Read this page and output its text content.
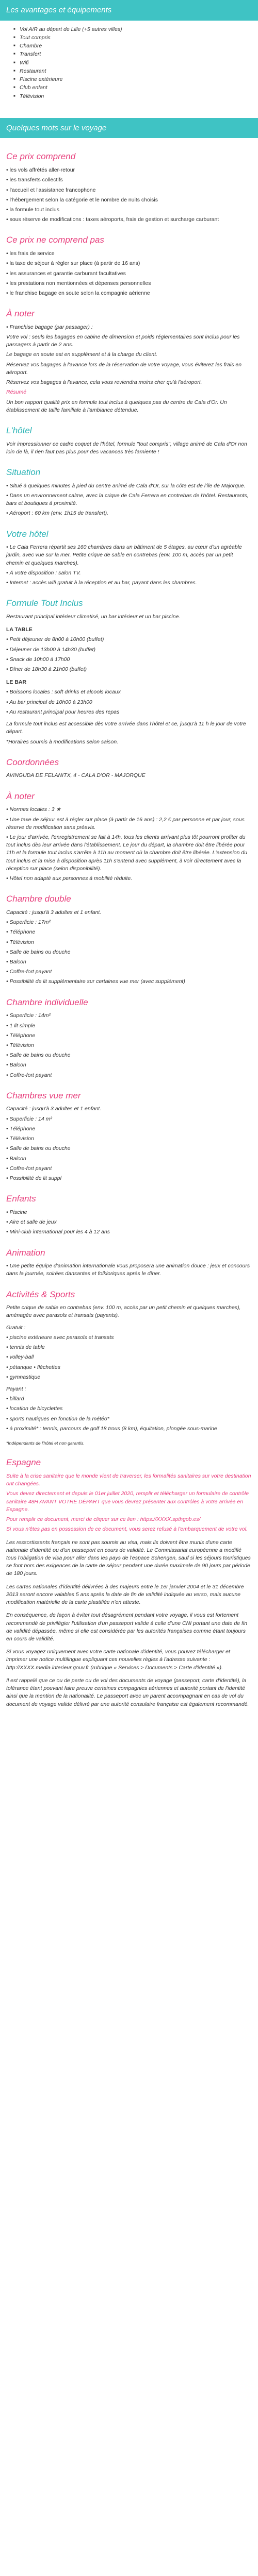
Les avantages et équipements
■ Vol A/R au départ de Lille (+5 autres villes)
■ Tout compris
■ Chambre
■ Transfert
■ Wifi
■ Restaurant
■ Piscine extérieure
■ Club enfant
■ Télévision
Quelques mots sur le voyage
Ce prix comprend

• les vols affrétés aller-retour

• les transferts collectifs

• l'accueil et l'assistance francophone

• l'hébergement selon la catégorie et le nombre de nuits choisis

• la formule tout inclus

• sous réserve de modifications : taxes aéroports, frais de gestion et surcharge carburant

Ce prix ne comprend pas

• les frais de service

• la taxe de séjour à régler sur place (à partir de 16 ans)

• les assurances et garantie carburant facultatives

• les prestations non mentionnées et dépenses personnelles

• le franchise bagage en soute selon la compagnie aérienne

À noter

• Franchise bagage (par passager) :

Votre vol : seuls les bagages en cabine de dimension et poids réglementaires sont inclus pour les passagers à partir de 2 ans.

Le bagage en soute est en supplément et à la charge du client.

Réservez vos bagages à l'avance lors de la réservation de votre voyage, vous éviterez les frais en aéroport.

Réservez vos bagages à l'avance, cela vous reviendra moins cher qu'à l'aéroport.

Résumé

Un bon rapport qualité prix en formule tout inclus à quelques pas du centre de Cala d'Or. Un établissement de taille familiale à l'ambiance détendue.

L'hôtel

Voir impressionner ce cadre coquet de l'hôtel, formule "tout compris", village animé de Cala d'Or non loin de là, il rien faut pas plus pour des vacances très farniente !

Situation

• Situé à quelques minutes à pied du centre animé de Cala d'Or, sur la côte est de l'île de Majorque.

• Dans un environnement calme, avec la crique de Cala Ferrera en contrebas de l'hôtel. Restaurants, bars et boutiques à proximité.

• Aéroport : 60 km (env. 1h15 de transfert).

Votre hôtel

• Le Cala Ferrera répartit ses 160 chambres dans un bâtiment de 5 étages, au cœur d'un agréable jardin, avec vue sur la mer. Petite crique de sable en contrebas (env. 100 m, accès par un petit chemin et quelques marches).

• À votre disposition : salon TV.

• Internet : accès wifi gratuit à la réception et au bar, payant dans les chambres.

Formule Tout Inclus

Restaurant principal intérieur climatisé, un bar intérieur et un bar piscine.

LA TABLE

• Petit déjeuner de 8h00 à 10h00 (buffet)

• Déjeuner de 13h00 à 14h30 (buffet)

• Snack de 10h00 à 17h00

• Dîner de 18h30 à 21h00 (buffet)

LE BAR

• Boissons locales : soft drinks et alcools locaux

• Au bar principal de 10h00 à 23h00

• Au restaurant principal pour heures des repas

La formule tout inclus est accessible dès votre arrivée dans l'hôtel et ce, jusqu'à 11 h le jour de votre départ.

*Horaires soumis à modifications selon saison.

Coordonnées

AVINGUDA DE FELANITX, 4 - CALA D'OR - MAJORQUE

À noter

• Normes locales : 3 ★

• Une taxe de séjour est à régler sur place (à partir de 16 ans) : 2,2 € par personne et par jour, sous réserve de modification sans préavis.

• Le jour d'arrivée, l'enregistrement se fait à 14h, tous les clients arrivant plus tôt pourront profiter du tout inclus dès leur arrivée dans l'établissement. Le jour du départ, la chambre doit être libérée pour 11h et la formule tout inclus s'arrête à 11h au moment où la chambre doit être libérée. L'extension du tout inclus et la mise à disposition après 11h s'entend avec supplément, à voir directement avec la réception sur place (selon disponibilité).

• Hôtel non adapté aux personnes à mobilité réduite.

Chambre double

Capacité : jusqu'à 3 adultes et 1 enfant.

• Superficie : 17m²

• Téléphone

• Télévision

• Salle de bains ou douche

• Balcon

• Coffre-fort payant

• Possibilité de lit supplémentaire sur certaines vue mer (avec supplément)

Chambre individuelle

• Superficie : 14m²

• 1 lit simple

• Téléphone

• Télévision

• Salle de bains ou douche

• Balcon

• Coffre-fort payant

Chambres vue mer

Capacité : jusqu'à 3 adultes et 1 enfant.

• Superficie : 14 m²

• Téléphone

• Télévision

• Salle de bains ou douche

• Balcon

• Coffre-fort payant

• Possibilité de lit suppl

Enfants

• Piscine

• Aire et salle de jeux

• Mini-club international pour les 4 à 12 ans

Animation

• Une petite équipe d'animation internationale vous proposera une animation douce : jeux et concours dans la journée, soirées dansantes et folkloriques après le dîner.

Activités & Sports

Petite crique de sable en contrebas (env. 100 m, accès par un petit chemin et quelques marches), aménagée avec parasols et transats (payants).

Gratuit :

• piscine extérieure avec parasols et transats

• tennis de table

• volley-ball

• pétanque • fléchettes

• gymnastique

Payant :

• billard

• location de bicyclettes

• sports nautiques en fonction de la météo*

• à proximité* : tennis, parcours de golf 18 trous (8 km), équitation, plongée sous-marine

*Indépendants de l'hôtel et non garantis.

Espagne

Suite à la crise sanitaire que le monde vient de traverser, les formalités sanitaires sur votre destination ont changées.

Vous devez directement et depuis le 01er juillet 2020, remplir et télécharger un formulaire de contrôle sanitaire 48H AVANT VOTRE DÉPART que vous devrez présenter aux contrôles à votre arrivée en Espagne.

Pour remplir ce document, merci de cliquer sur ce lien : https://XXXX.spthgob.es/

Si vous n'êtes pas en possession de ce document, vous serez refusé à l'embarquement de votre vol.

Les ressortissants français ne sont pas soumis au visa, mais ils doivent être munis d'une carte nationale d'identité ou d'un passeport en cours de validité. Le Commissariat européenne a modifié tous l'obligation de visa pour aller dans les pays de l'espace Schengen, sauf si les séjours touristiques se font hors des exigences de la carte de séjour pendant une durée maximale de 90 jours par période de 180 jours.

Les cartes nationales d'identité délivrées à des majeurs entre le 1er janvier 2004 et le 31 décembre 2013 seront encore valables 5 ans après la date de fin de validité indiquée au verso, mais aucune modification matérielle de la carte plastifiée n'en atteste.

En conséquence, de façon à éviter tout désagrément pendant votre voyage, il vous est fortement recommandé de privilégier l'utilisation d'un passeport valide à celle d'une CNI portant une date de fin de validité dépassée, même si elle est considérée par les autorités françaises comme étant toujours en cours de validité.

Si vous voyagez uniquement avec votre carte nationale d'identité, vous pouvez télécharger et imprimer une notice multilingue expliquant ces nouvelles règles à l'adresse suivante : http://XXXX.media.interieur.gouv.fr (rubrique « Services > Documents > Carte d'identité »).

Il est rappelé que ce ou de perte ou de vol des documents de voyage (passeport, carte d'identité), la tolérance étant pouvant faire preuve certaines compagnies aériennes et autorité portant de l'identité ainsi que la mention de la nationalité. Le passeport avec un parent accompagnant en cas de vol du document de voyage valide délivré par une autorité consulaire française est également recommandé.
